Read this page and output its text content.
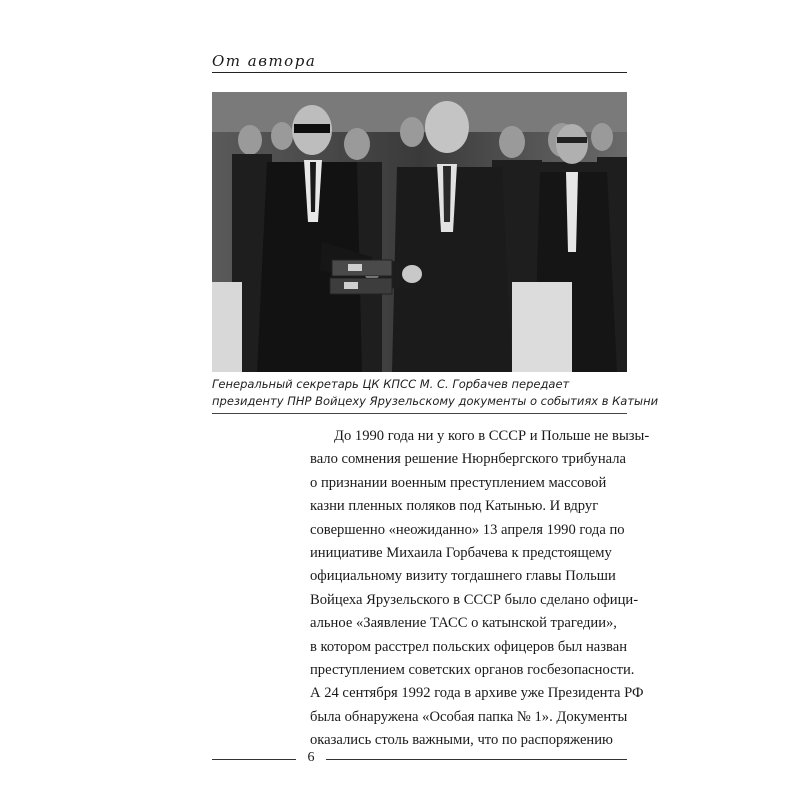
От автора
Генеральный секретарь ЦК КПСС М. С. Горбачев передает
президенту ПНР Войцеху Ярузельскому документы о событиях в Катыни
До 1990 года ни у кого в СССР и Польше не вызы-
вало сомнения решение Нюрнбергского трибунала
о признании военным преступлением массовой
казни пленных поляков под Катынью. И вдруг
совершенно «неожиданно» 13 апреля 1990 года по
инициативе Михаила Горбачева к предстоящему
официальному визиту тогдашнего главы Польши
Войцеха Ярузельского в СССР было сделано офици-
альное «Заявление ТАСС о катынской трагедии»,
в котором расстрел польских офицеров был назван
преступлением советских органов госбезопасности.
А 24 сентября 1992 года в архиве уже Президента РФ
была обнаружена «Особая папка № 1». Документы
оказались столь важными, что по распоряжению
6
